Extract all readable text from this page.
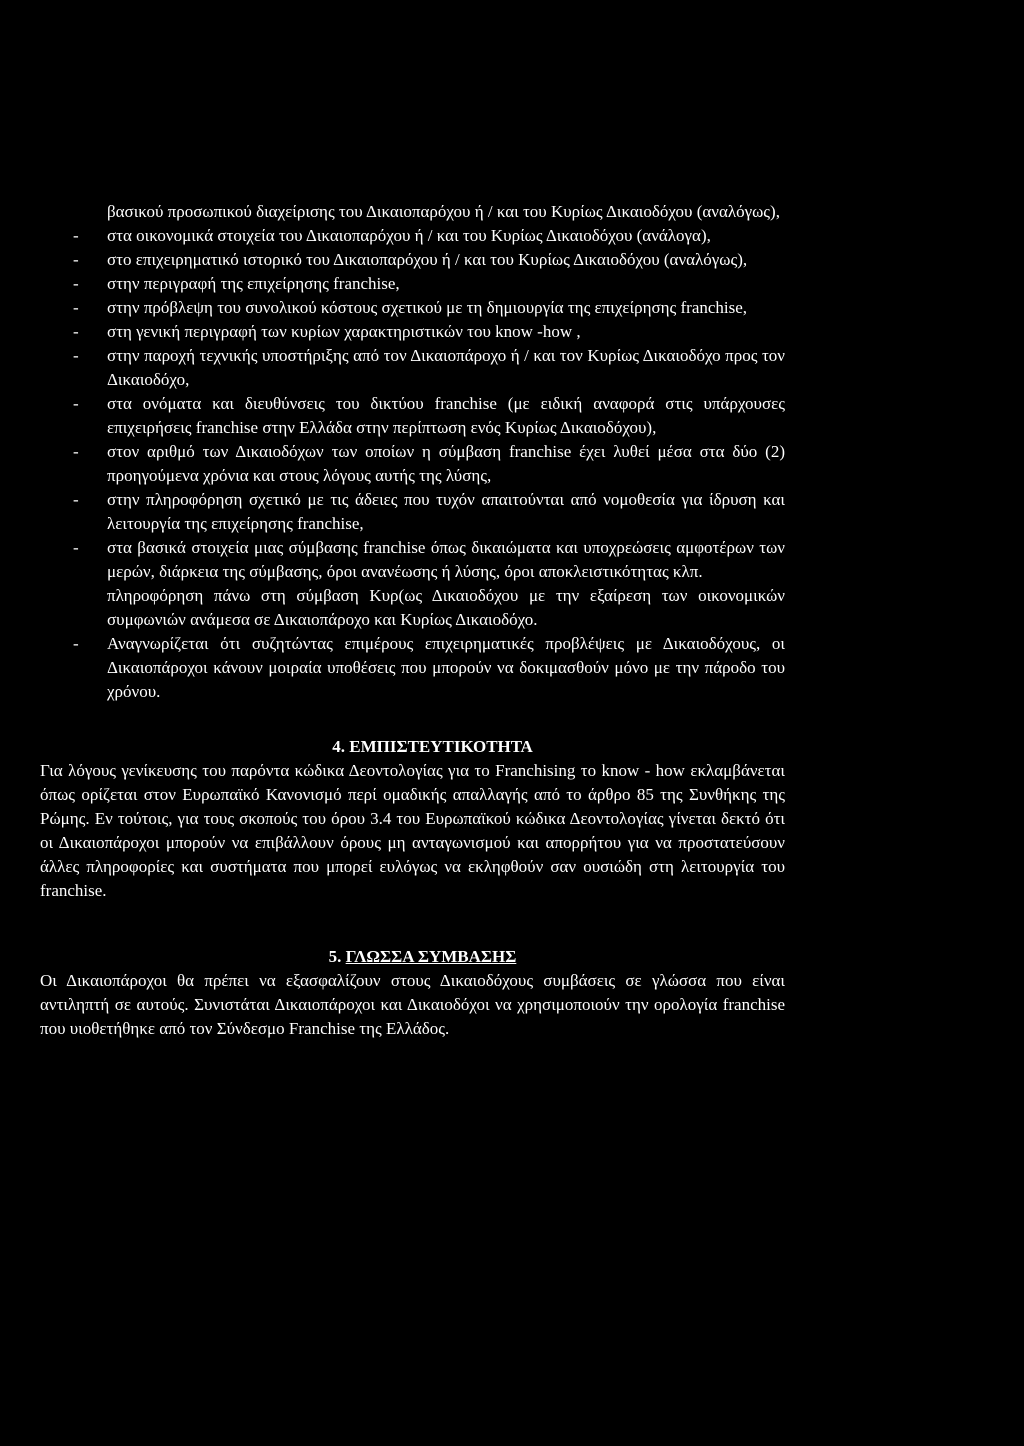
βασικού προσωπικού διαχείρισης του Δικαιοπαρόχου ή / και του Κυρίως Δικαιοδόχου (αναλόγως),
- στα οικονομικά στοιχεία του Δικαιοπαρόχου ή / και του Κυρίως Δικαιοδόχου (ανάλογα),
- στο επιχειρηματικό ιστορικό του Δικαιοπαρόχου ή / και του Κυρίως Δικαιοδόχου (αναλόγως),
- στην περιγραφή της επιχείρησης franchise,
- στην πρόβλεψη του συνολικού κόστους σχετικού με τη δημιουργία της επιχείρησης franchise,
- στη γενική περιγραφή των κυρίων χαρακτηριστικών του know -how ,
- στην παροχή τεχνικής υποστήριξης από τον Δικαιοπάροχο ή / και τον Κυρίως Δικαιοδόχο προς τον Δικαιοδόχο,
- στα ονόματα και διευθύνσεις του δικτύου franchise (με ειδική αναφορά στις υπάρχουσες επιχειρήσεις franchise στην Ελλάδα στην περίπτωση ενός Κυρίως Δικαιοδόχου),
- στον αριθμό των Δικαιοδόχων των οποίων η σύμβαση franchise έχει λυθεί μέσα στα δύο (2) προηγούμενα χρόνια και στους λόγους αυτής της λύσης,
- στην πληροφόρηση σχετικό με τις άδειες που τυχόν απαιτούνται από νομοθεσία για ίδρυση και λειτουργία της επιχείρησης franchise,
- στα βασικά στοιχεία μιας σύμβασης franchise όπως δικαιώματα και υποχρεώσεις αμφοτέρων των μερών, διάρκεια της σύμβασης, όροι ανανέωσης ή λύσης, όροι αποκλειστικότητας κλπ.
πληροφόρηση πάνω στη σύμβαση Κυρ(ως Δικαιοδόχου με την εξαίρεση των οικονομικών συμφωνιών ανάμεσα σε Δικαιοπάροχο και Κυρίως Δικαιοδόχο.
- Αναγνωρίζεται ότι συζητώντας επιμέρους επιχειρηματικές προβλέψεις με Δικαιοδόχους, οι Δικαιοπάροχοι κάνουν μοιραία υποθέσεις που μπορούν να δοκιμασθούν μόνο με την πάροδο του χρόνου.
4. ΕΜΠΙΣΤΕΥΤΙΚΟΤΗΤΑ

Για λόγους γενίκευσης του παρόντα κώδικα Δεοντολογίας για το Franchising το know - how εκλαμβάνεται όπως ορίζεται στον Ευρωπαϊκό Κανονισμό περί ομαδικής απαλλαγής από το άρθρο 85 της Συνθήκης της Ρώμης. Εν τούτοις, για τους σκοπούς του όρου 3.4 του Ευρωπαϊκού κώδικα Δεοντολογίας γίνεται δεκτό ότι οι Δικαιοπάροχοι μπορούν να επιβάλλουν όρους μη ανταγωνισμού και απορρήτου για να προστατεύσουν άλλες πληροφορίες και συστήματα που μπορεί ευλόγως να εκληφθούν σαν ουσιώδη στη λειτουργία του franchise.

5. ΓΛΩΣΣΑ ΣΥΜΒΑΣΗΣ

Οι Δικαιοπάροχοι θα πρέπει να εξασφαλίζουν στους Δικαιοδόχους συμβάσεις σε γλώσσα που είναι αντιληπτή σε αυτούς. Συνιστάται Δικαιοπάροχοι και Δικαιοδόχοι να χρησιμοποιούν την ορολογία franchise που υιοθετήθηκε από τον Σύνδεσμο Franchise της Ελλάδος.
